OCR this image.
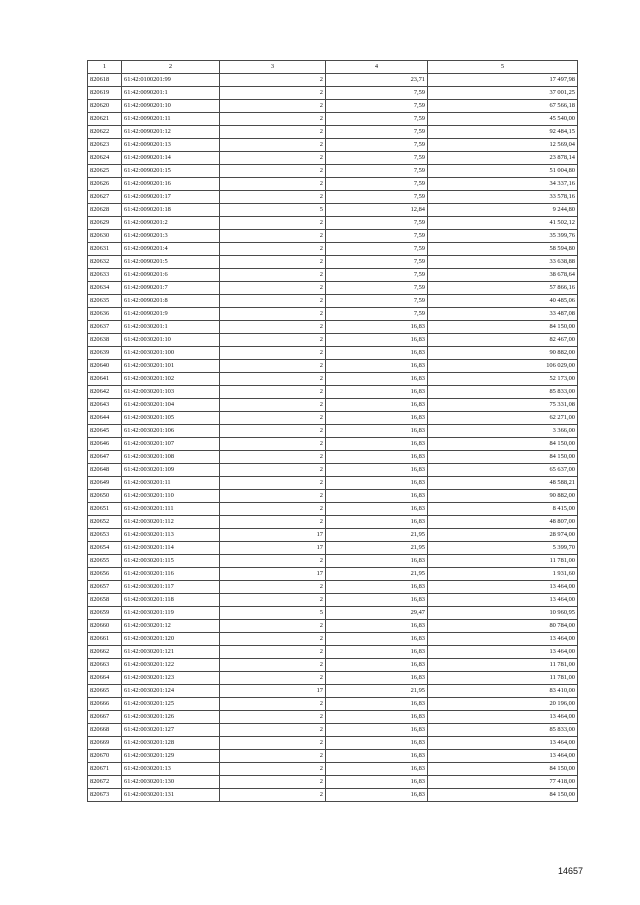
1	2	3	4	5
820618	61:42:0100201:99	2	23,71	17 497,98
820619	61:42:0090201:1	2	7,59	37 001,25
820620	61:42:0090201:10	2	7,59	67 566,18
820621	61:42:0090201:11	2	7,59	45 540,00
820622	61:42:0090201:12	2	7,59	92 484,15
820623	61:42:0090201:13	2	7,59	12 569,04
820624	61:42:0090201:14	2	7,59	23 878,14
820625	61:42:0090201:15	2	7,59	51 004,80
820626	61:42:0090201:16	2	7,59	34 337,16
820627	61:42:0090201:17	2	7,59	33 578,16
820628	61:42:0090201:18	5	12,84	9 244,80
820629	61:42:0090201:2	2	7,59	41 502,12
820630	61:42:0090201:3	2	7,59	35 399,76
820631	61:42:0090201:4	2	7,59	58 594,80
820632	61:42:0090201:5	2	7,59	33 638,88
820633	61:42:0090201:6	2	7,59	38 678,64
820634	61:42:0090201:7	2	7,59	57 866,16
820635	61:42:0090201:8	2	7,59	40 485,06
820636	61:42:0090201:9	2	7,59	33 487,08
820637	61:42:0030201:1	2	16,83	84 150,00
820638	61:42:0030201:10	2	16,83	82 467,00
820639	61:42:0030201:100	2	16,83	90 882,00
820640	61:42:0030201:101	2	16,83	106 029,00
820641	61:42:0030201:102	2	16,83	52 173,00
820642	61:42:0030201:103	2	16,83	85 833,00
820643	61:42:0030201:104	2	16,83	75 331,08
820644	61:42:0030201:105	2	16,83	62 271,00
820645	61:42:0030201:106	2	16,83	3 366,00
820646	61:42:0030201:107	2	16,83	84 150,00
820647	61:42:0030201:108	2	16,83	84 150,00
820648	61:42:0030201:109	2	16,83	65 637,00
820649	61:42:0030201:11	2	16,83	48 588,21
820650	61:42:0030201:110	2	16,83	90 882,00
820651	61:42:0030201:111	2	16,83	8 415,00
820652	61:42:0030201:112	2	16,83	48 807,00
820653	61:42:0030201:113	17	21,95	28 974,00
820654	61:42:0030201:114	17	21,95	5 399,70
820655	61:42:0030201:115	2	16,83	11 781,00
820656	61:42:0030201:116	17	21,95	1 931,60
820657	61:42:0030201:117	2	16,83	13 464,00
820658	61:42:0030201:118	2	16,83	13 464,00
820659	61:42:0030201:119	5	29,47	10 960,95
820660	61:42:0030201:12	2	16,83	80 784,00
820661	61:42:0030201:120	2	16,83	13 464,00
820662	61:42:0030201:121	2	16,83	13 464,00
820663	61:42:0030201:122	2	16,83	11 781,00
820664	61:42:0030201:123	2	16,83	11 781,00
820665	61:42:0030201:124	17	21,95	83 410,00
820666	61:42:0030201:125	2	16,83	20 196,00
820667	61:42:0030201:126	2	16,83	13 464,00
820668	61:42:0030201:127	2	16,83	85 833,00
820669	61:42:0030201:128	2	16,83	13 464,00
820670	61:42:0030201:129	2	16,83	13 464,00
820671	61:42:0030201:13	2	16,83	84 150,00
820672	61:42:0030201:130	2	16,83	77 418,00
820673	61:42:0030201:131	2	16,83	84 150,00
14657
